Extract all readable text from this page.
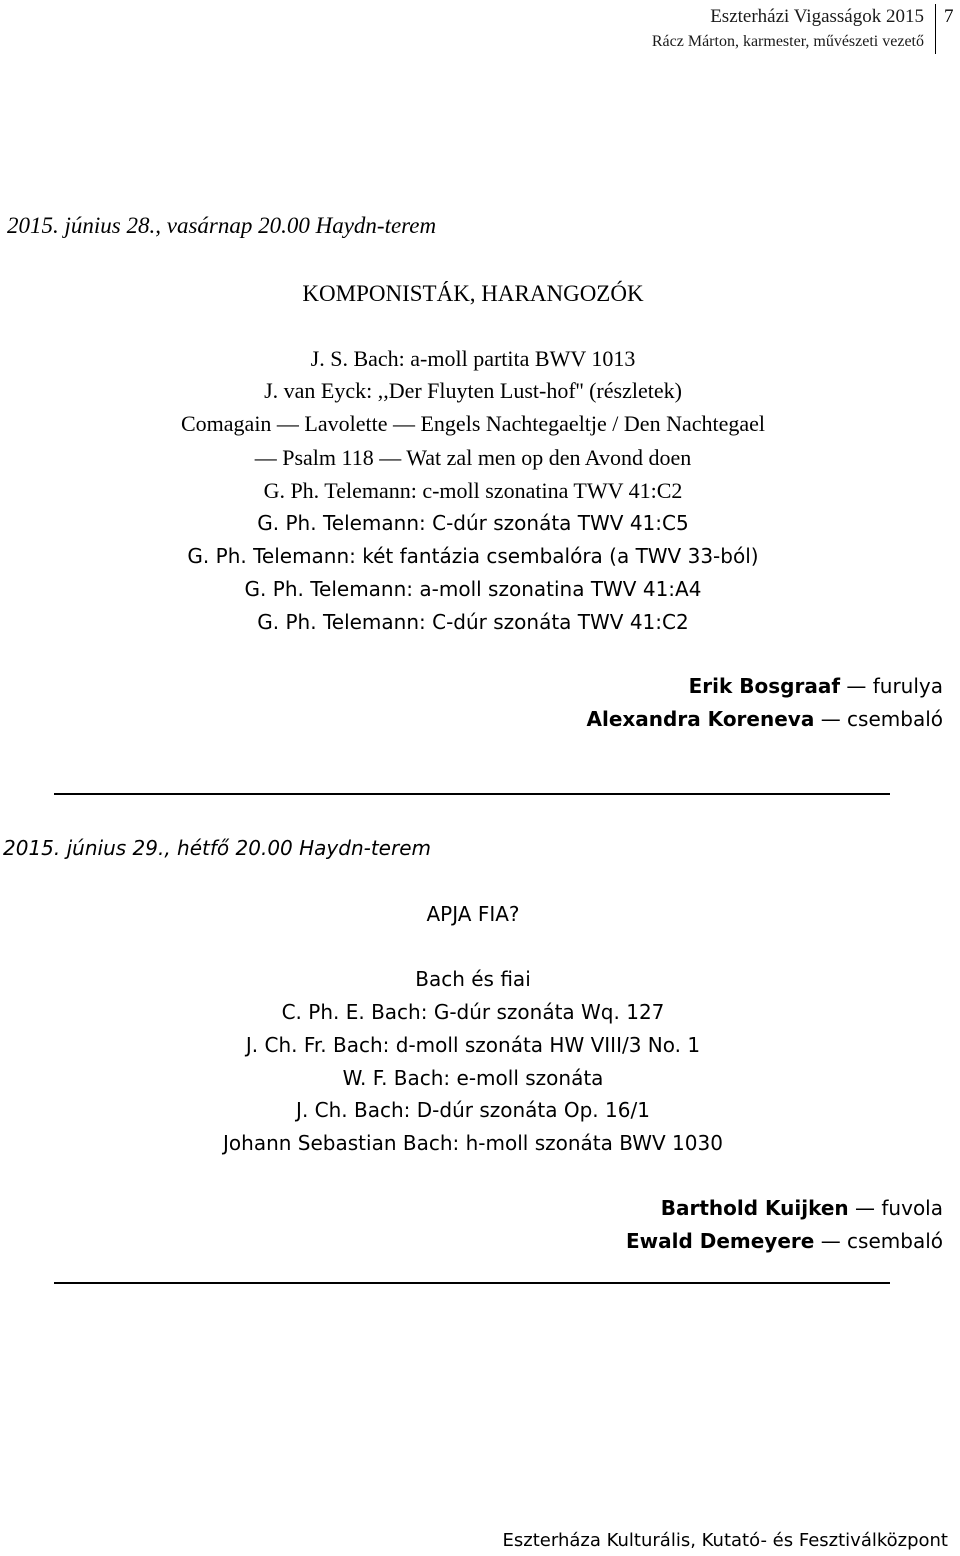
Eszterházi Vigasságok 2015
Rácz Márton, karmester, művészeti vezető
7
2015. június 28., vasárnap 20.00 Haydn-terem
KOMPONISTÁK, HARANGOZÓK
J. S. Bach: a-moll partita BWV 1013
J. van Eyck: ,,Der Fluyten Lust-hof'' (részletek)
Comagain — Lavolette — Engels Nachtegaeltje / Den Nachtegael
— Psalm 118 — Wat zal men op den Avond doen
G. Ph. Telemann: c-moll szonatina TWV 41:C2
G. Ph. Telemann: C-dúr szonáta TWV 41:C5
G. Ph. Telemann: két fantázia csembalóra (a TWV 33-ból)
G. Ph. Telemann: a-moll szonatina TWV 41:A4
G. Ph. Telemann: C-dúr szonáta TWV 41:C2
Erik Bosgraaf — furulya
Alexandra Koreneva — csembaló
2015. június 29., hétfő 20.00 Haydn-terem
APJA FIA?
Bach és fiai
C. Ph. E. Bach: G-dúr szonáta Wq. 127
J. Ch. Fr. Bach: d-moll szonáta HW VIII/3 No. 1
W. F. Bach: e-moll szonáta
J. Ch. Bach: D-dúr szonáta Op. 16/1
Johann Sebastian Bach: h-moll szonáta BWV 1030
Barthold Kuijken — fuvola
Ewald Demeyere — csembaló
Eszterháza Kulturális, Kutató- és Fesztiválközpont
